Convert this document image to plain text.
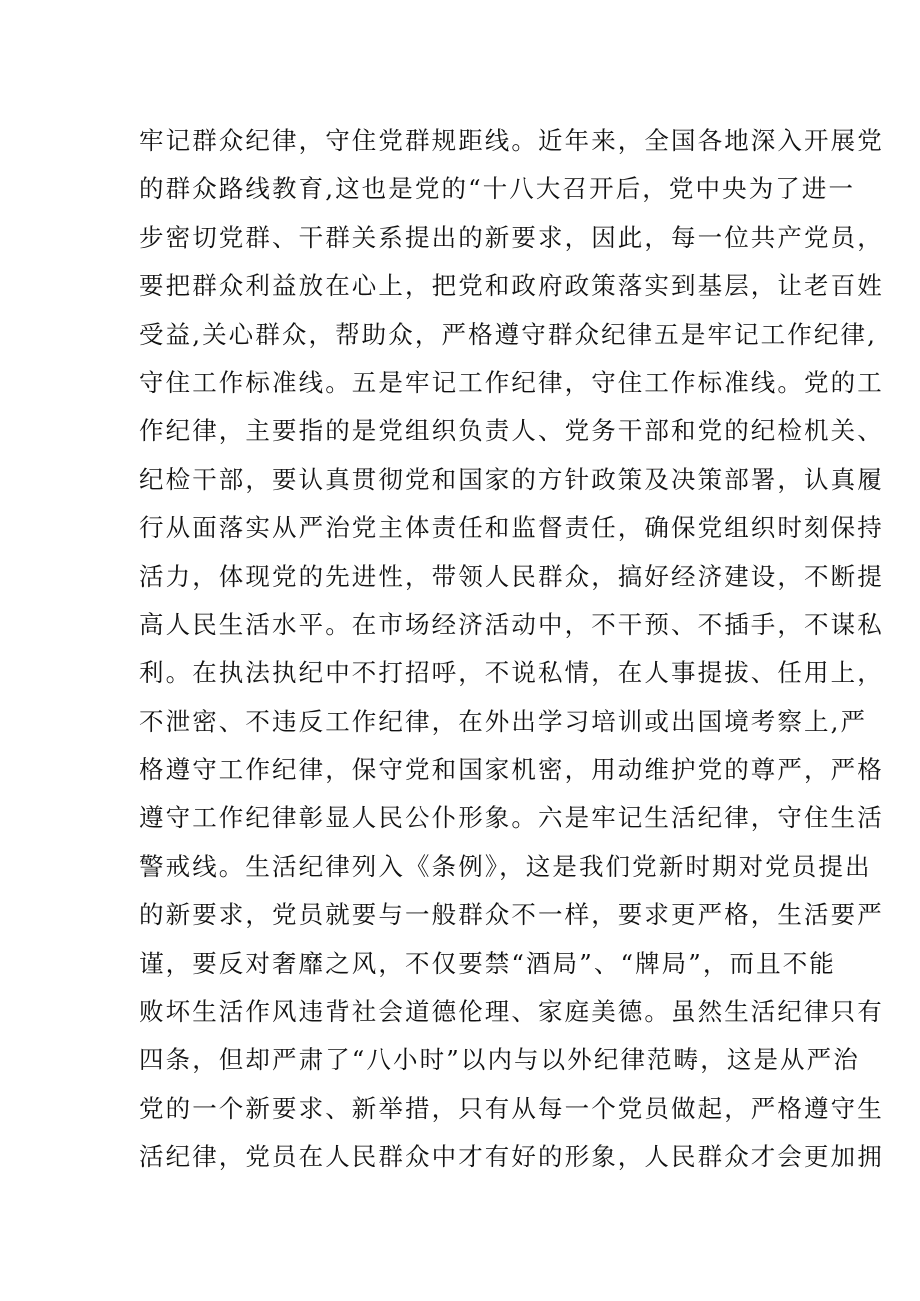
牢记群众纪律，守住党群规距线。近年来，全国各地深入开展党
的群众路线教育,这也是党的“十八大召开后，党中央为了进一
步密切党群、干群关系提出的新要求，因此，每一位共产党员，
要把群众利益放在心上，把党和政府政策落实到基层，让老百姓
受益,关心群众，帮助众，严格遵守群众纪律五是牢记工作纪律,
守住工作标准线。五是牢记工作纪律，守住工作标准线。党的工
作纪律，主要指的是党组织负责人、党务干部和党的纪检机关、
纪检干部，要认真贯彻党和国家的方针政策及决策部署，认真履
行从面落实从严治党主体责任和监督责任，确保党组织时刻保持
活力，体现党的先进性，带领人民群众，搞好经济建设，不断提
高人民生活水平。在市场经济活动中，不干预、不插手，不谋私
利。在执法执纪中不打招呼，不说私情，在人事提拔、任用上，
不泄密、不违反工作纪律，在外出学习培训或出国境考察上,严
格遵守工作纪律，保守党和国家机密，用动维护党的尊严，严格
遵守工作纪律彰显人民公仆形象。六是牢记生活纪律，守住生活
警戒线。生活纪律列入《条例》，这是我们党新时期对党员提出
的新要求，党员就要与一般群众不一样，要求更严格，生活要严
谨，要反对奢靡之风，不仅要禁“酒局”、“牌局”，而且不能
败坏生活作风违背社会道德伦理、家庭美德。虽然生活纪律只有
四条，但却严肃了“八小时”以内与以外纪律范畴，这是从严治
党的一个新要求、新举措，只有从每一个党员做起，严格遵守生
活纪律，党员在人民群众中才有好的形象，人民群众才会更加拥
